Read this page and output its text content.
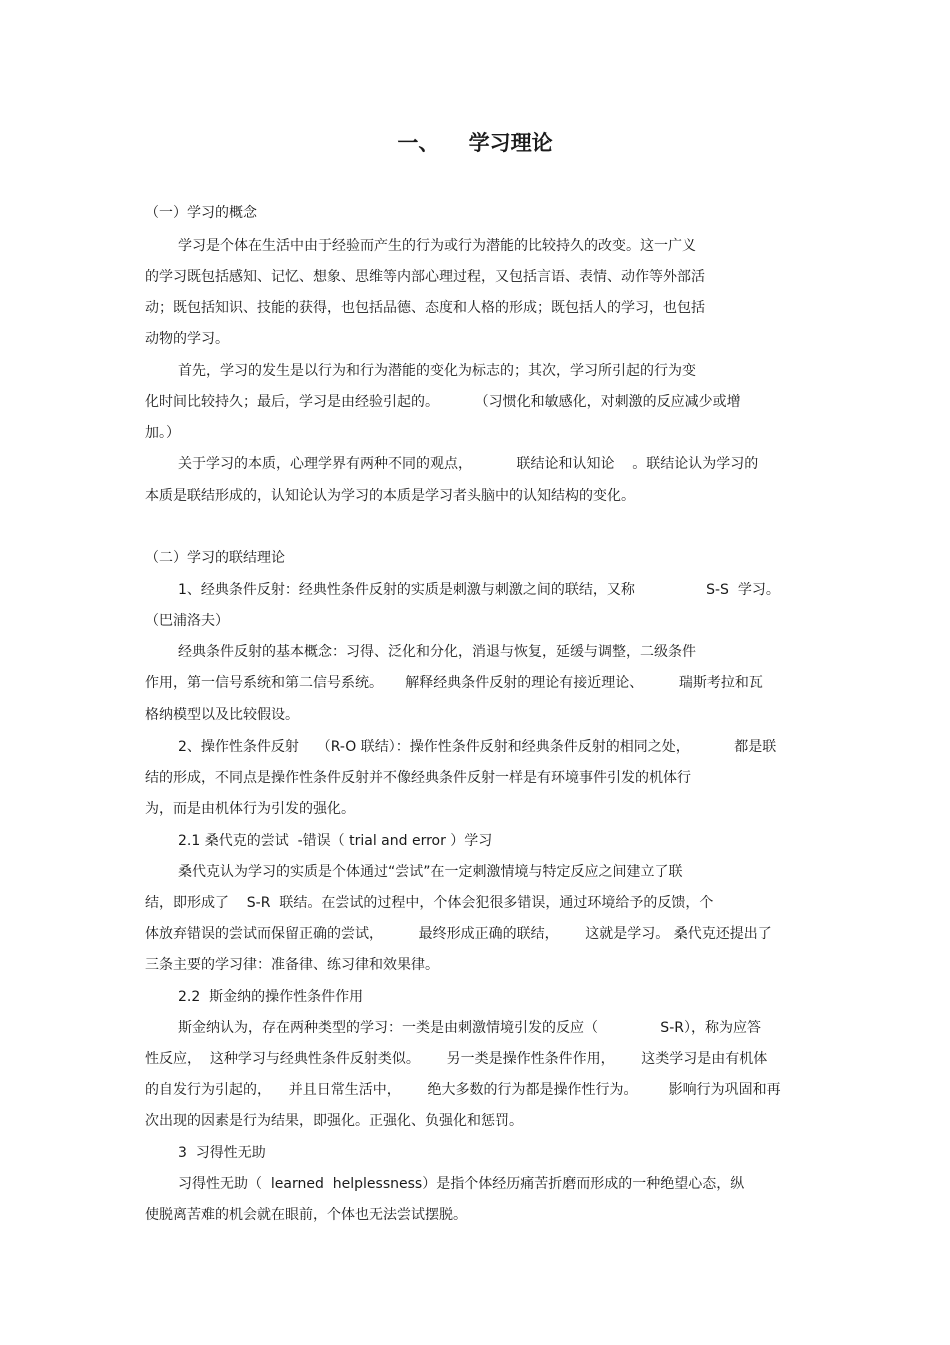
一、    学习理论

（一）学习的概念

学习是个体在生活中由于经验而产生的行为或行为潜能的比较持久的改变。这一广义

的学习既包括感知、记忆、想象、思维等内部心理过程，又包括言语、表情、动作等外部活

动；既包括知识、技能的获得，也包括品德、态度和人格的形成；既包括人的学习，也包括

动物的学习。

首先，学习的发生是以行为和行为潜能的变化为标志的；其次，学习所引起的行为变

化时间比较持久；最后，学习是由经验引起的。        （习惯化和敏感化，对刺激的反应减少或增

加。）

关于学习的本质，心理学界有两种不同的观点，          联结论和认知论    。联结论认为学习的

本质是联结形成的，认知论认为学习的本质是学习者头脑中的认知结构的变化。

（二）学习的联结理论

1、经典条件反射：经典性条件反射的实质是刺激与刺激之间的联结，又称                S-S  学习。

（巴浦洛夫）

经典条件反射的基本概念：习得、泛化和分化，消退与恢复，延缓与调整，二级条件

作用，第一信号系统和第二信号系统。     解释经典条件反射的理论有接近理论、        瑞斯考拉和瓦

格纳模型以及比较假设。

2、操作性条件反射    （R-O 联结）：操作性条件反射和经典条件反射的相同之处，          都是联

结的形成，不同点是操作性条件反射并不像经典条件反射一样是有环境事件引发的机体行

为，而是由机体行为引发的强化。

2.1 桑代克的尝试  -错误（ trial and error ）学习

桑代克认为学习的实质是个体通过“尝试”在一定刺激情境与特定反应之间建立了联

结，即形成了    S-R  联结。在尝试的过程中，个体会犯很多错误，通过环境给予的反馈，个

体放弃错误的尝试而保留正确的尝试，        最终形成正确的联结，      这就是学习。 桑代克还提出了

三条主要的学习律：准备律、练习律和效果律。

2.2  斯金纳的操作性条件作用

斯金纳认为，存在两种类型的学习：一类是由刺激情境引发的反应（              S-R），称为应答

性反应，  这种学习与经典性条件反射类似。      另一类是操作性条件作用，      这类学习是由有机体

的自发行为引起的，    并且日常生活中，      绝大多数的行为都是操作性行为。       影响行为巩固和再

次出现的因素是行为结果，即强化。正强化、负强化和惩罚。

3  习得性无助

习得性无助（  learned  helplessness）是指个体经历痛苦折磨而形成的一种绝望心态，纵

使脱离苦难的机会就在眼前，个体也无法尝试摆脱。
